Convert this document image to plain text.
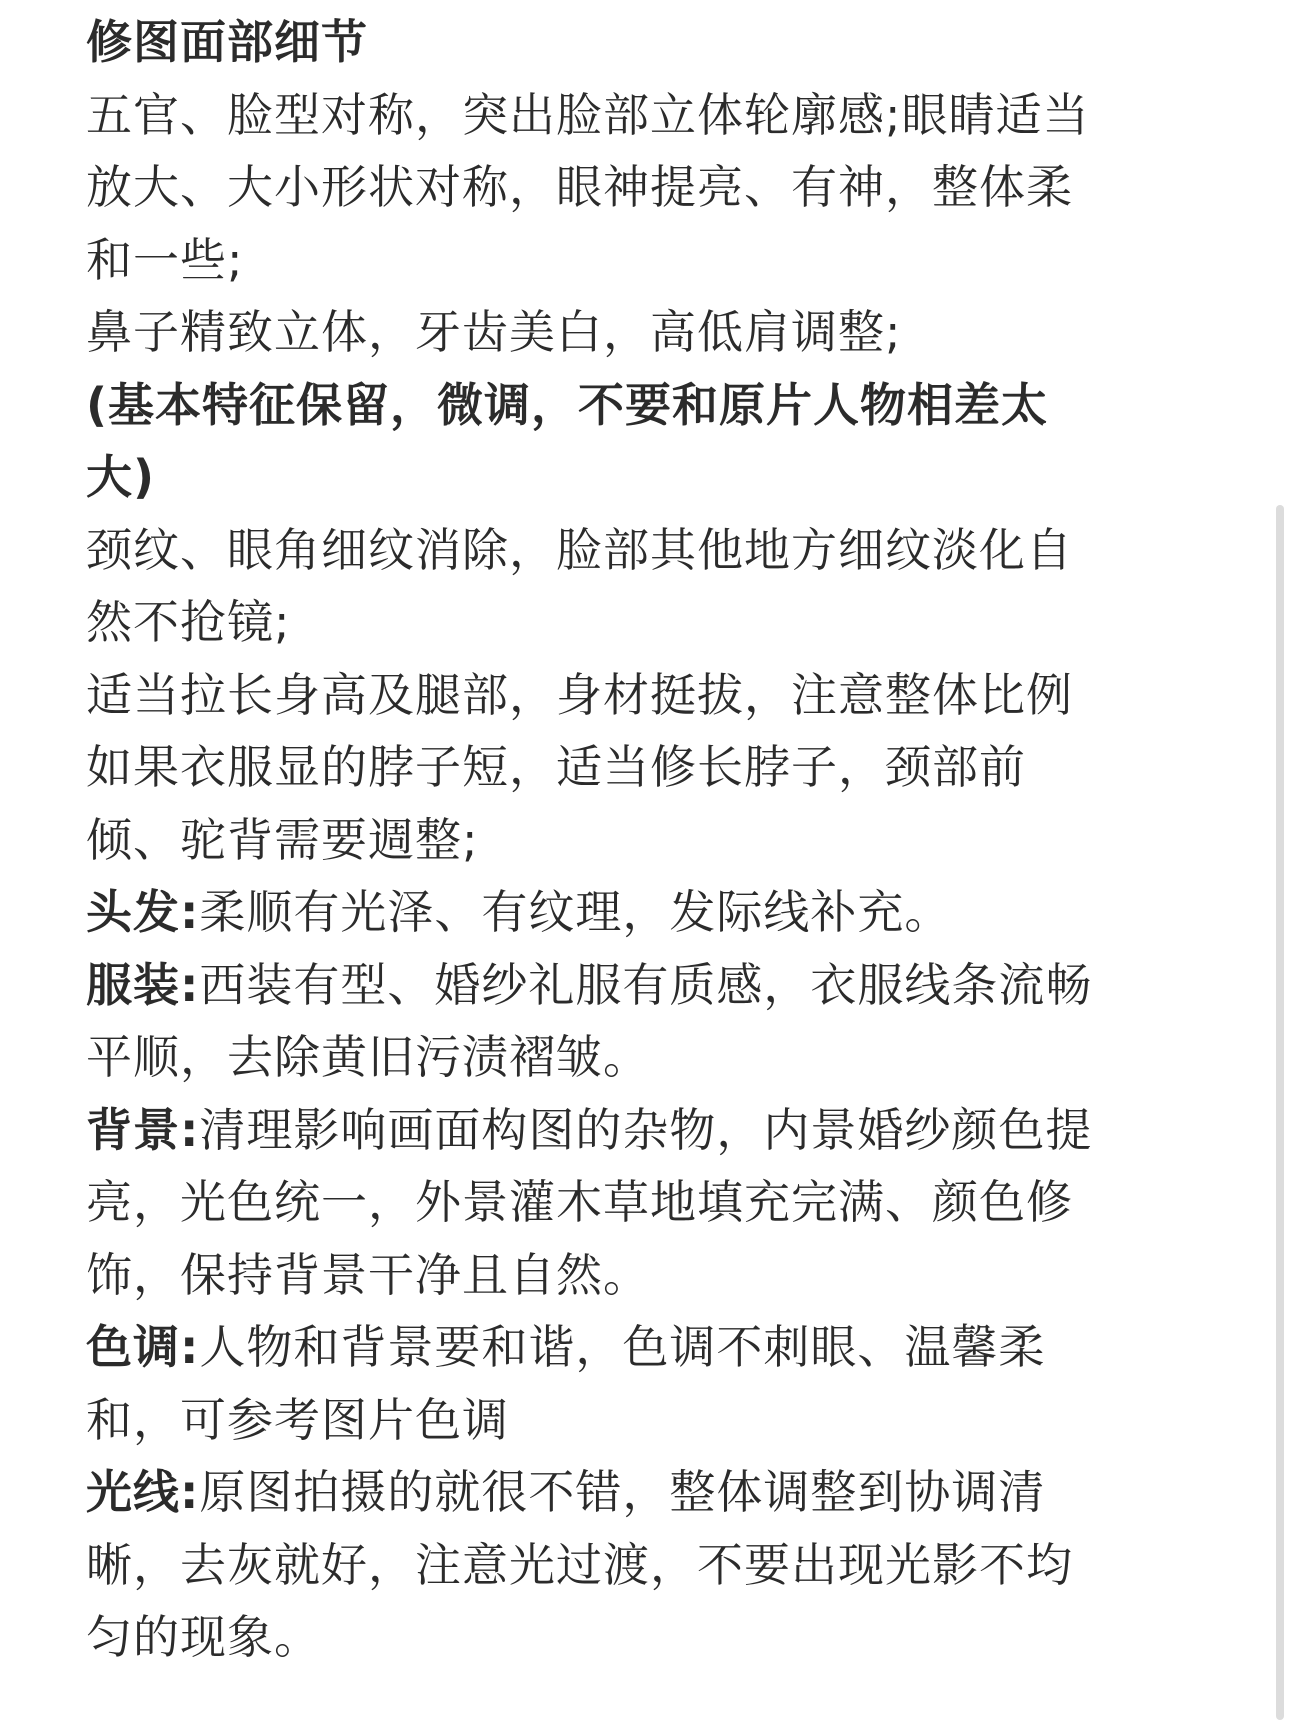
修图面部细节
五官、脸型对称，突出脸部立体轮廓感;眼睛适当
放大、大小形状对称，眼神提亮、有神，整体柔
和一些;
鼻子精致立体，牙齿美白，高低肩调整;
(基本特征保留，微调，不要和原片人物相差太
大)
颈纹、眼角细纹消除，脸部其他地方细纹淡化自
然不抢镜;
适当拉长身高及腿部，身材挺拔，注意整体比例
如果衣服显的脖子短，适当修长脖子，颈部前
倾、驼背需要週整;
头发:柔顺有光泽、有纹理，发际线补充。
服装:西装有型、婚纱礼服有质感，衣服线条流畅
平顺，去除黄旧污渍褶皱。
背景:清理影响画面构图的杂物，内景婚纱颜色提
亮，光色统一，外景灌木草地填充完满、颜色修
饰，保持背景干净且自然。
色调:人物和背景要和谐，色调不刺眼、温馨柔
和，可参考图片色调
光线:原图拍摄的就很不错，整体调整到协调清
晰，去灰就好，注意光过渡，不要出现光影不均
匀的现象。
